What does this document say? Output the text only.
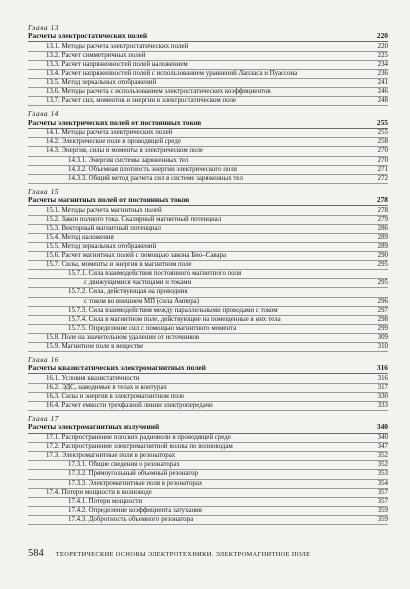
Глава 13
Расчеты электростатических полей	220
13.1. Методы расчета электростатических полей	220
13.2. Расчет симметричных полей	225
13.3. Расчет напряженностей полей наложением	234
13.4. Расчет напряженностей полей с использованием уравнений Лапласа и Пуассона	236
13.5. Метод зеркальных отображений	241
13.6. Методы расчета с использованием электростатических коэффициентов	246
13.7. Расчет сил, моментов и энергии в электростатическом поле	248
Глава 14
Расчеты электрических полей от постоянных токов	255
14.1. Методы расчета электрических полей	255
14.2. Электрическое поле в проводящей среде	258
14.3. Энергия, силы и моменты в электрическом поле	270
14.3.1. Энергия системы заряженных тел	270
14.3.2. Объемная плотность энергии электрического поля	271
14.3.3. Общий метод расчета сил в системе заряженных тел	272
Глава 15
Расчеты магнитных полей от постоянных токов	278
15.1. Методы расчета магнитных полей	278
15.2. Закон полного тока. Скалярный магнитный потенциал	279
15.3. Векторный магнитный потенциал	286
15.4. Метод наложения	289
15.5. Метод зеркальных отображений	289
15.6. Расчет магнитных полей с помощью закона Био–Савара	290
15.7. Силы, моменты и энергия в магнитном поле	295
15.7.1. Сила взаимодействия постоянного магнитного поля
с движущимися частицами и токами	295
15.7.2. Сила, действующая на проводник
с током во внешнем МП (сила Ампера)	296
15.7.3. Сила взаимодействия между параллельными проводами с током	297
15.7.4. Сила в магнитном поле, действующие на помещенные в них тела	298
15.7.5. Определение сил с помощью магнитного момента	299
15.8. Поле на значительном удалении от источников	309
15.9. Магнитное поле в веществе	310
Глава 16
Расчеты квазистатических электромагнитных полей	316
16.1. Условия квазистатичности	316
16.2. ЭДС, наводимые в телах и контурах	317
16.3. Силы и энергия в электромагнитном поле	330
16.4. Расчет емкости трехфазной линии электропередачи	333
Глава 17
Расчеты электромагнитных излучений	340
17.1. Распространение плоских радиоволн в проводящей среде	340
17.2. Распространение электромагнитной волны по волноводам	347
17.3. Электромагнитные поля в резонаторах	352
17.3.1. Общие сведения о резонаторах	352
17.3.2. Прямоугольный объемный резонатор	353
17.3.3. Электромагнитные поля в резонаторах	354
17.4. Потери мощности в волноводе	357
17.4.1. Потери мощности	357
17.4.2. Определение коэффициента затухания	359
17.4.3. Добротность объемного резонатора	359
584 ТЕОРЕТИЧЕСКИЕ ОСНОВЫ ЭЛЕКТРОТЕХНИКИ. ЭЛЕКТРОМАГНИТНОЕ ПОЛЕ
